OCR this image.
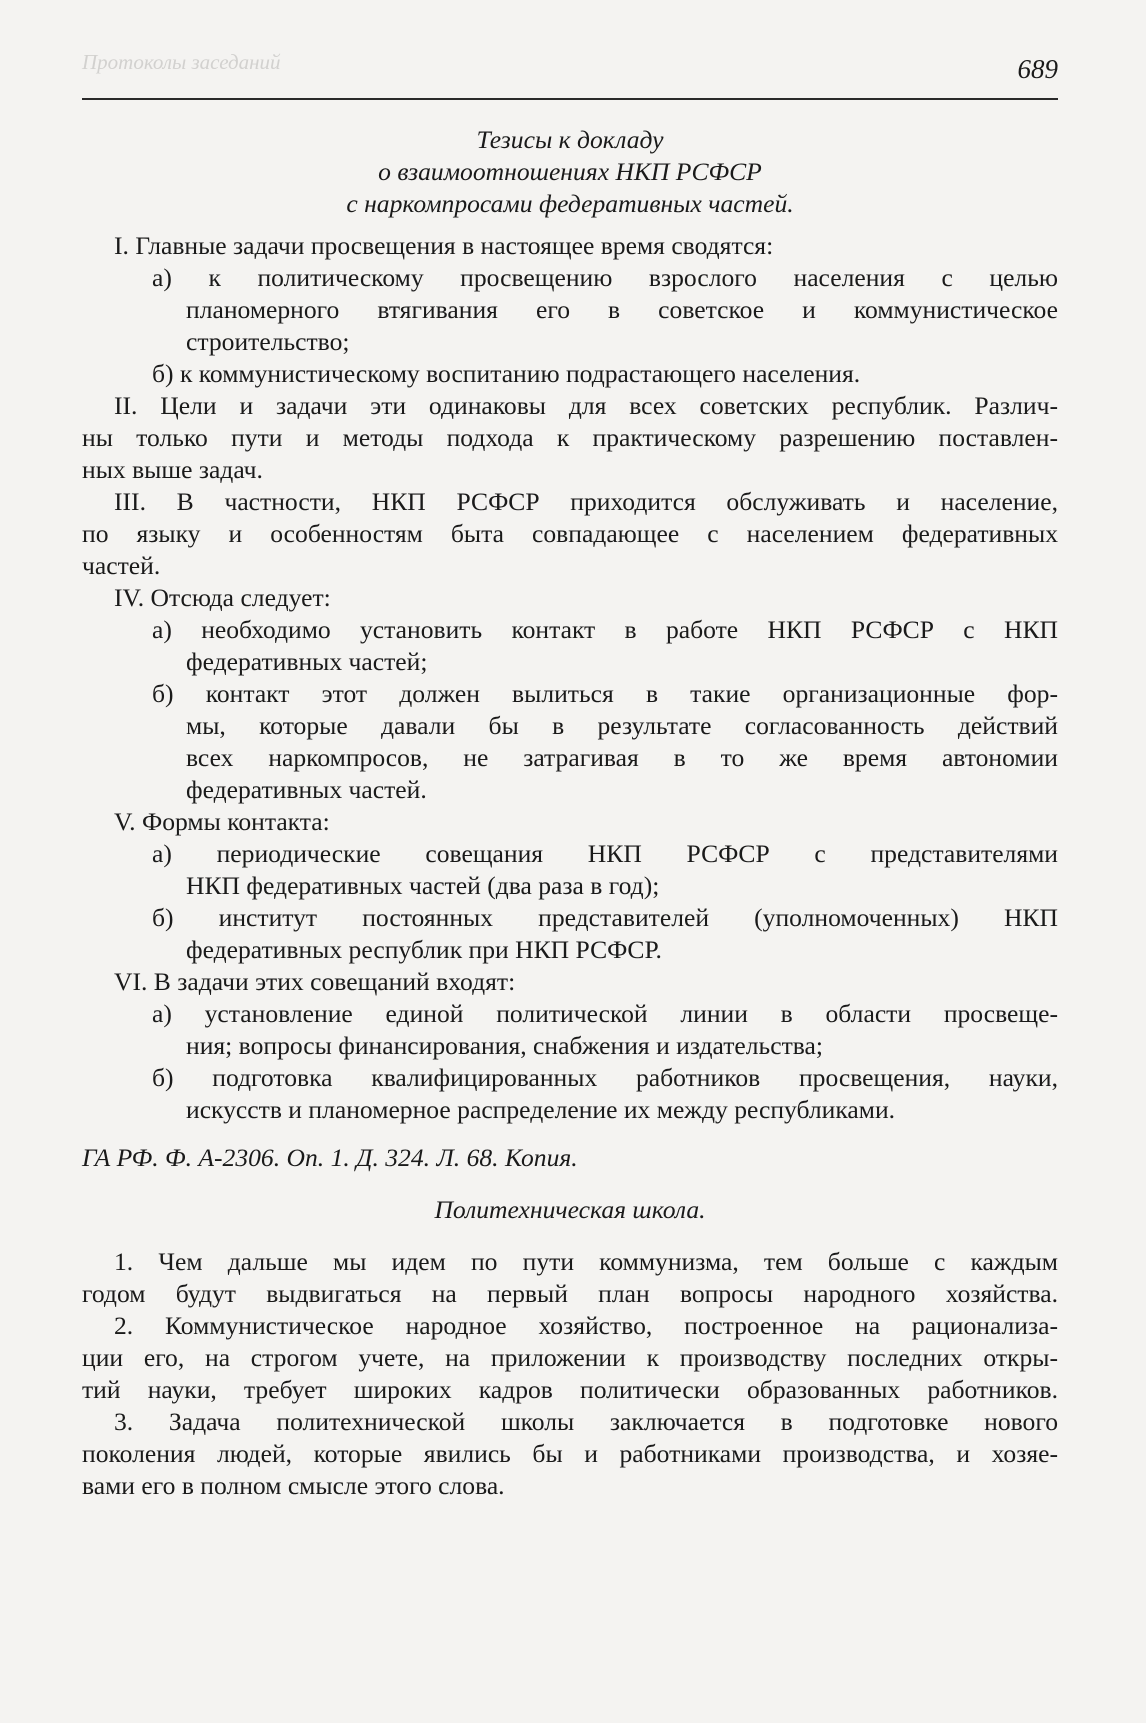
Протоколы заседаний	689
Тезисы к докладу
о взаимоотношениях НКП РСФСР
с наркомпросами федеративных частей.
I. Главные задачи просвещения в настоящее время сводятся:
а) к политическому просвещению взрослого населения с целью
планомерного втягивания его в советское и коммунистическое
строительство;
б) к коммунистическому воспитанию подрастающего населения.
II. Цели и задачи эти одинаковы для всех советских республик. Различ-
ны только пути и методы подхода к практическому разрешению поставлен-
ных выше задач.
III. В частности, НКП РСФСР приходится обслуживать и население,
по языку и особенностям быта совпадающее с населением федеративных
частей.
IV. Отсюда следует:
а) необходимо установить контакт в работе НКП РСФСР с НКП
федеративных частей;
б) контакт этот должен вылиться в такие организационные фор-
мы, которые давали бы в результате согласованность действий
всех наркомпросов, не затрагивая в то же время автономии
федеративных частей.
V. Формы контакта:
а) периодические совещания НКП РСФСР с представителями
НКП федеративных частей (два раза в год);
б) институт постоянных представителей (уполномоченных) НКП
федеративных республик при НКП РСФСР.
VI. В задачи этих совещаний входят:
а) установление единой политической линии в области просвеще-
ния; вопросы финансирования, снабжения и издательства;
б) подготовка квалифицированных работников просвещения, науки,
искусств и планомерное распределение их между республиками.
ГА РФ. Ф. А-2306. Оп. 1. Д. 324. Л. 68. Копия.
Политехническая школа.
1. Чем дальше мы идем по пути коммунизма, тем больше с каждым
годом будут выдвигаться на первый план вопросы народного хозяйства.
2. Коммунистическое народное хозяйство, построенное на рационализа-
ции его, на строгом учете, на приложении к производству последних откры-
тий науки, требует широких кадров политически образованных работников.
3. Задача политехнической школы заключается в подготовке нового
поколения людей, которые явились бы и работниками производства, и хозяе-
вами его в полном смысле этого слова.
